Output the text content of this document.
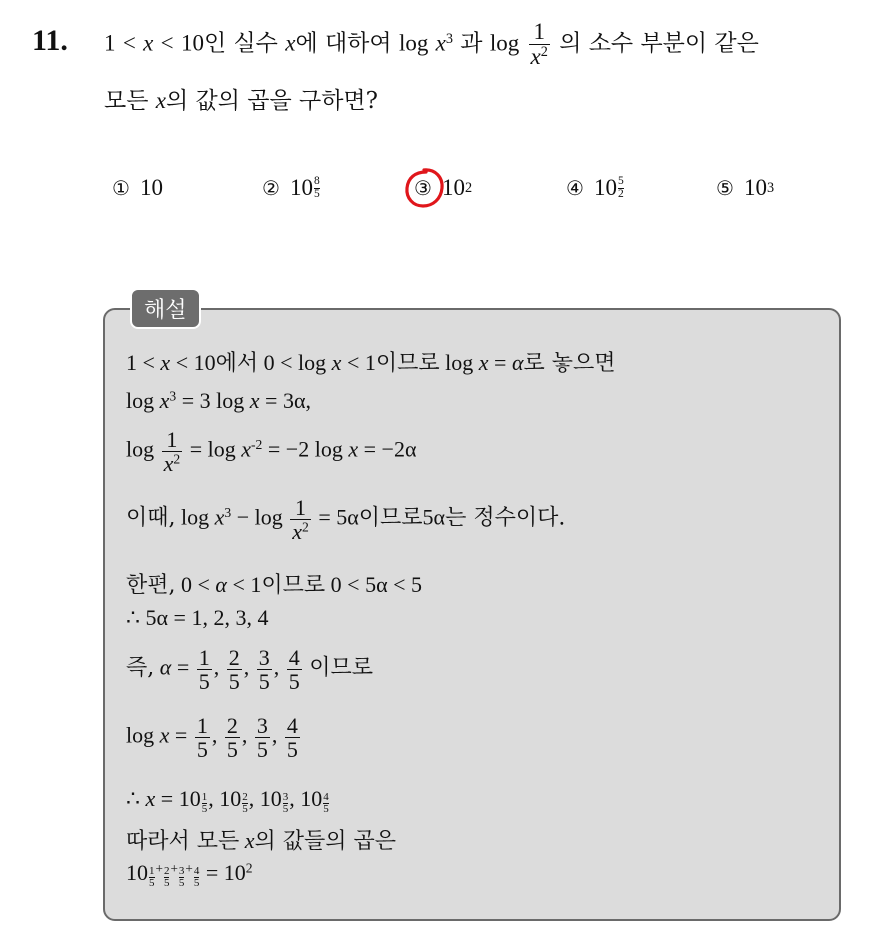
11. 1 < x < 10인 실수 x에 대하여 $\log x^3$ 과 $\log \frac{1}{x^2}$ 의 소수 부분이 같은
모든 x의 값의 곱을 구하면?
① 10	② 10 8
5	③ 10 2	④ 10 5
2	⑤ 10 3
해설
1 < x < 10에서 0 < log x < 1이므로 log x = α로 놓으면
$\log x^3 = 3$ log x = 3α,
$\log \frac{1}{x^2} = \log x^{-2} = -2$ log x = −2α
이때, $\log x^3 - \log \frac{1}{x^2} = 5\alpha$이므로5α는 정수이다.
한편, 0 < α < 1이므로 0 < 5α < 5
∴ 5α = 1, 2, 3, 4
즉, $\alpha = \frac{1}{5}$ , $\frac{2}{5}$ , $\frac{3}{5}$ , $\frac{4}{5}$ 이므로
$\log x = \frac{1}{5}$ , $\frac{2}{5}$ , $\frac{3}{5}$ , $\frac{4}{5}$
∴ $x = 10 \frac{1}{5}$ , $10 \frac{2}{5}$ , $10 \frac{3}{5}$ , $10 \frac{4}{5}$
따라서 모든 x의 값들의 곱은
$10 \frac{1}{5} ^+ \frac{2}{5} ^+ \frac{3}{5} ^+ \frac{4}{5} = 10^2$
